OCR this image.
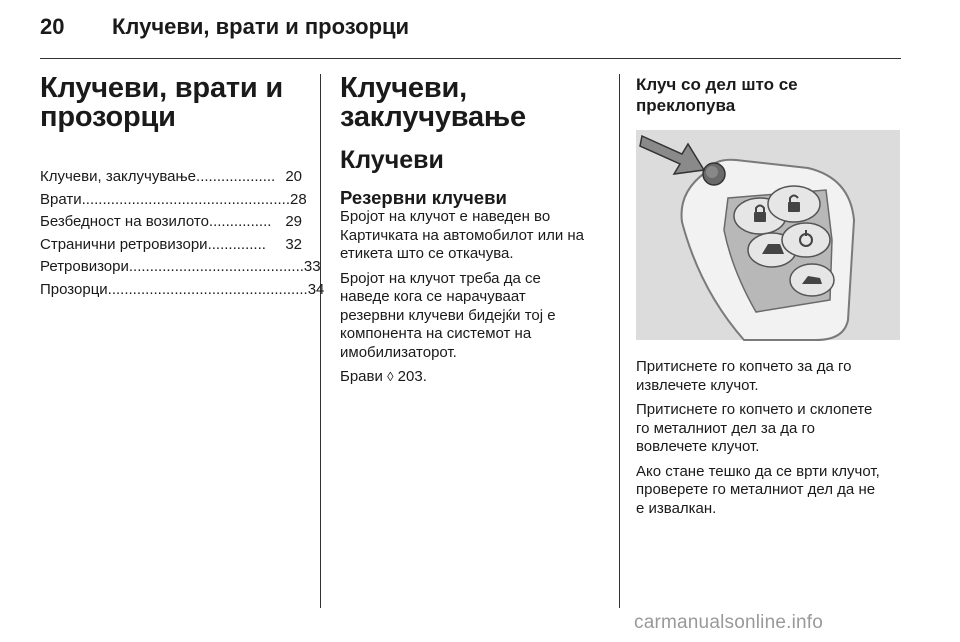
20 Клучеви, врати и прозорци
Клучеви, врати и
прозорци
Клучеви, заклучување ................... 20
Врати .................................................. 28
Безбедност на возилото ............... 29
Странични ретровизори ..............	32
Ретровизори .......................................... 33
Прозорци ................................................ 34
Клучеви, заклучување
Клучеви
Резервни клучеви

Бројот на клучот е наведен во
Картичката на автомобилот или на
етикета што се откачува.

Бројот на клучот треба да се
наведе кога се нарачуваат
резервни клучеви бидејќи тој е
компонента на системот на
имобилизаторот.

Брави ◊ 203.

Клуч со дел што се
преклопува

Притиснете го копчето за да го
извлечете клучот.

Притиснете го копчето и склопете
го металниот дел за да го
вовлечете клучот.

Ако стане тешко да се врти клучот,
проверете го металниот дел да не
е извалкан.

carmanualsonline.info
